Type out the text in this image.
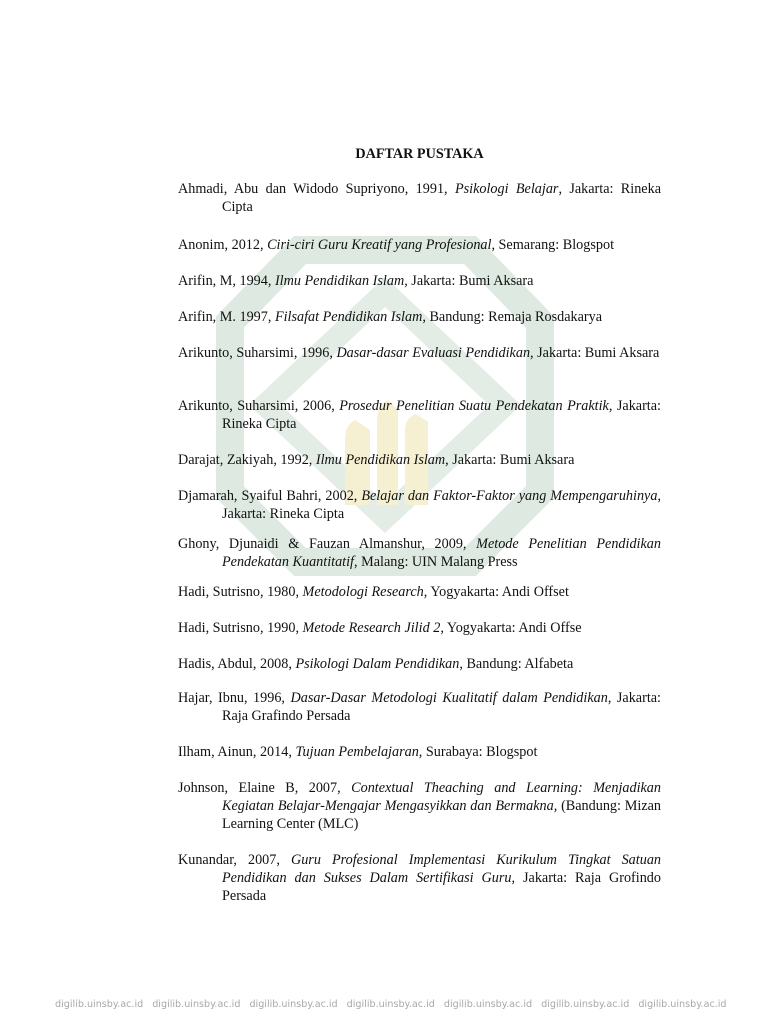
DAFTAR PUSTAKA
Ahmadi, Abu dan Widodo Supriyono, 1991, Psikologi Belajar, Jakarta: Rineka Cipta
Anonim, 2012, Ciri-ciri Guru Kreatif yang Profesional, Semarang: Blogspot
Arifin, M, 1994, Ilmu Pendidikan Islam, Jakarta: Bumi Aksara
Arifin, M. 1997, Filsafat Pendidikan Islam, Bandung: Remaja Rosdakarya
Arikunto, Suharsimi, 1996, Dasar-dasar Evaluasi Pendidikan, Jakarta: Bumi Aksara
Arikunto, Suharsimi, 2006, Prosedur Penelitian Suatu Pendekatan Praktik, Jakarta: Rineka Cipta
Darajat, Zakiyah, 1992, Ilmu Pendidikan Islam, Jakarta: Bumi Aksara
Djamarah, Syaiful Bahri, 2002, Belajar dan Faktor-Faktor yang Mempengaruhinya, Jakarta: Rineka Cipta
Ghony, Djunaidi & Fauzan Almanshur, 2009, Metode Penelitian Pendidikan Pendekatan Kuantitatif, Malang: UIN Malang Press
Hadi, Sutrisno, 1980, Metodologi Research, Yogyakarta: Andi Offset
Hadi, Sutrisno, 1990, Metode Research Jilid 2, Yogyakarta: Andi Offse
Hadis, Abdul, 2008, Psikologi Dalam Pendidikan, Bandung: Alfabeta
Hajar, Ibnu, 1996, Dasar-Dasar Metodologi Kualitatif dalam Pendidikan, Jakarta: Raja Grafindo Persada
Ilham, Ainun, 2014, Tujuan Pembelajaran, Surabaya: Blogspot
Johnson, Elaine B, 2007, Contextual Theaching and Learning: Menjadikan Kegiatan Belajar-Mengajar Mengasyikkan dan Bermakna, (Bandung: Mizan Learning Center (MLC)
Kunandar, 2007, Guru Profesional Implementasi Kurikulum Tingkat Satuan Pendidikan dan Sukses Dalam Sertifikasi Guru, Jakarta: Raja Grofindo Persada
digilib.uinsby.ac.id digilib.uinsby.ac.id digilib.uinsby.ac.id digilib.uinsby.ac.id digilib.uinsby.ac.id digilib.uinsby.ac.id digilib.uinsby.ac.id
